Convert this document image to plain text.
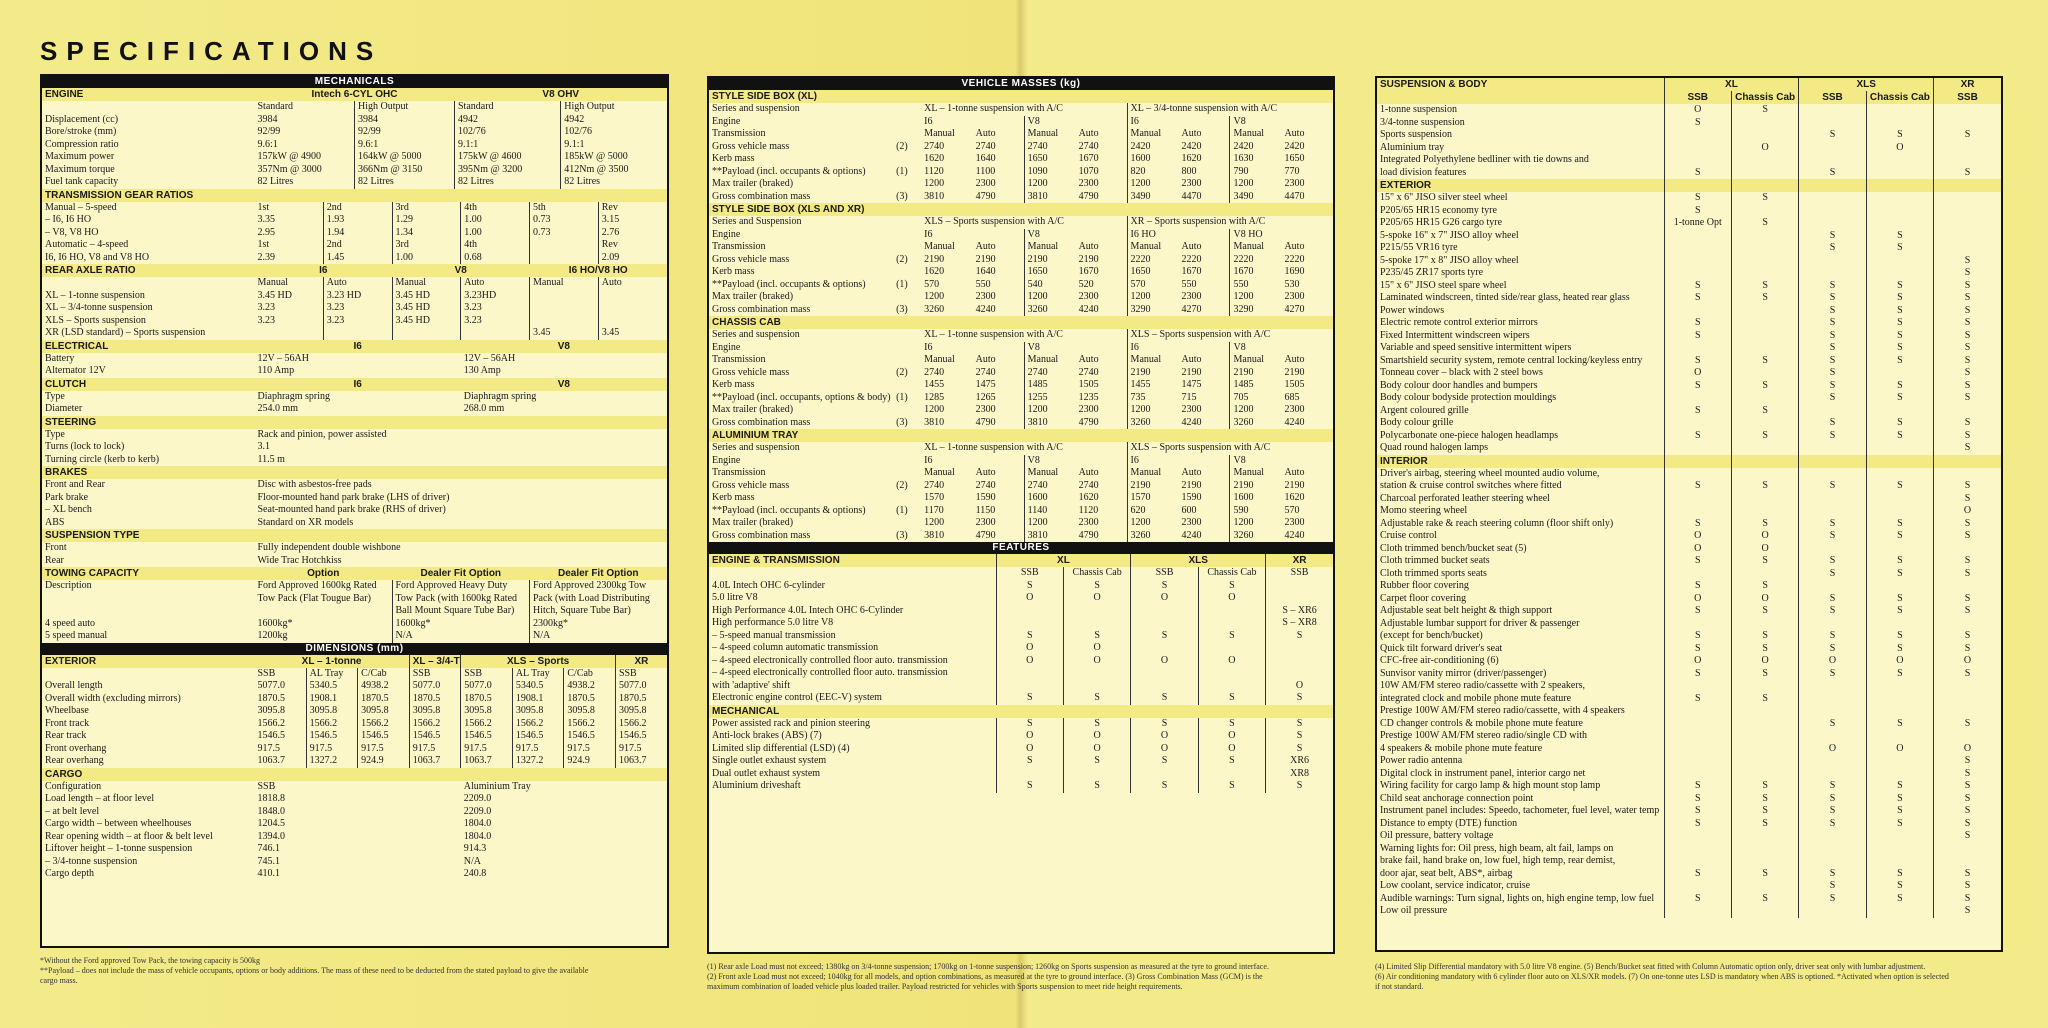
SPECIFICATIONS
MECHANICALS
ENGINE	Intech 6-CYL OHC		V8 OHV	
	Standard	High Output	Standard	High Output
Displacement (cc)	3984	3984	4942	4942
Bore/stroke (mm)	92/99	92/99	102/76	102/76
Compression ratio	9.6:1	9.6:1	9.1:1	9.1:1
Maximum power	157kW @ 4900	164kW @ 5000	175kW @ 4600	185kW @ 5000
Maximum torque	357Nm @ 3000	366Nm @ 3150	395Nm @ 3200	412Nm @ 3500
Fuel tank capacity	82 Litres	82 Litres	82 Litres	82 Litres
TRANSMISSION GEAR RATIOS						
Manual – 5-speed	1st	2nd	3rd	4th	5th	Rev
– I6, I6 HO	3.35	1.93	1.29	1.00	0.73	3.15
– V8, V8 HO	2.95	1.94	1.34	1.00	0.73	2.76
Automatic – 4-speed	1st	2nd	3rd	4th		Rev
I6, I6 HO, V8 and V8 HO	2.39	1.45	1.00	0.68		2.09
REAR AXLE RATIO	I6		V8		I6 HO/V8 HO	
	Manual	Auto	Manual	Auto	Manual	Auto
XL – 1-tonne suspension	3.45 HD	3.23 HD	3.45 HD	3.23HD		
XL – 3/4-tonne suspension	3.23	3.23	3.45 HD	3.23		
XLS – Sports suspension	3.23	3.23	3.45 HD	3.23		
XR (LSD standard) – Sports suspension					3.45	3.45
ELECTRICAL	I6	V8
Battery	12V – 56AH	12V – 56AH
Alternator 12V	110 Amp	130 Amp
CLUTCH	I6	V8
Type	Diaphragm spring	Diaphragm spring
Diameter	254.0 mm	268.0 mm
STEERING	
Type	Rack and pinion, power assisted
Turns (lock to lock)	3.1
Turning circle (kerb to kerb)	11.5 m
BRAKES	
Front and Rear	Disc with asbestos-free pads
Park brake	Floor-mounted hand park brake (LHS of driver)
– XL bench	Seat-mounted hand park brake (RHS of driver)
ABS	Standard on XR models
SUSPENSION TYPE	
Front	Fully independent double wishbone
Rear	Wide Trac Hotchkiss
TOWING CAPACITY	Option	Dealer Fit Option	Dealer Fit Option
Description	Ford Approved 1600kg Rated	Ford Approved Heavy Duty	Ford Approved 2300kg Tow
	Tow Pack (Flat Tougue Bar)	Tow Pack (with 1600kg Rated	Pack (with Load Distributing
		Ball Mount Square Tube Bar)	Hitch, Square Tube Bar)
4 speed auto	1600kg*	1600kg*	2300kg*
5 speed manual	1200kg	N/A	N/A
DIMENSIONS (mm)
EXTERIOR	XL – 1-tonne			XL – 3/4-T	XLS – Sports			XR
	SSB	AL Tray	C/Cab	SSB	SSB	AL Tray	C/Cab	SSB
Overall length	5077.0	5340.5	4938.2	5077.0	5077.0	5340.5	4938.2	5077.0
Overall width (excluding mirrors)	1870.5	1908.1	1870.5	1870.5	1870.5	1908.1	1870.5	1870.5
Wheelbase	3095.8	3095.8	3095.8	3095.8	3095.8	3095.8	3095.8	3095.8
Front track	1566.2	1566.2	1566.2	1566.2	1566.2	1566.2	1566.2	1566.2
Rear track	1546.5	1546.5	1546.5	1546.5	1546.5	1546.5	1546.5	1546.5
Front overhang	917.5	917.5	917.5	917.5	917.5	917.5	917.5	917.5
Rear overhang	1063.7	1327.2	924.9	1063.7	1063.7	1327.2	924.9	1063.7
CARGO		
Configuration	SSB	Aluminium Tray
Load length – at floor level	1818.8	2209.0
– at belt level	1848.0	2209.0
Cargo width – between wheelhouses	1204.5	1804.0
Rear opening width – at floor & belt level	1394.0	1804.0
Liftover height – 1-tonne suspension	746.1	914.3
– 3/4-tonne suspension	745.1	N/A
Cargo depth	410.1	240.8
*Without the Ford approved Tow Pack, the towing capacity is 500kg
**Payload – does not include the mass of vehicle occupants, options or body additions. The mass of these need to be deducted from the stated payload to give the available
cargo mass.
VEHICLE MASSES (kg)
STYLE SIDE BOX (XL)									
Series and suspension		XL – 1-tonne suspension with A/C				XL – 3/4-tonne suspension with A/C			
Engine		I6		V8		I6		V8	
Transmission		Manual	Auto	Manual	Auto	Manual	Auto	Manual	Auto
Gross vehicle mass	(2)	2740	2740	2740	2740	2420	2420	2420	2420
Kerb mass		1620	1640	1650	1670	1600	1620	1630	1650
**Payload (incl. occupants & options)	(1)	1120	1100	1090	1070	820	800	790	770
Max trailer (braked)		1200	2300	1200	2300	1200	2300	1200	2300
Gross combination mass	(3)	3810	4790	3810	4790	3490	4470	3490	4470
STYLE SIDE BOX (XLS AND XR)									
Series and Suspension		XLS – Sports suspension with A/C				XR – Sports suspension with A/C			
Engine		I6		V8		I6 HO		V8 HO	
Transmission		Manual	Auto	Manual	Auto	Manual	Auto	Manual	Auto
Gross vehicle mass	(2)	2190	2190	2190	2190	2220	2220	2220	2220
Kerb mass		1620	1640	1650	1670	1650	1670	1670	1690
**Payload (incl. occupants & options)	(1)	570	550	540	520	570	550	550	530
Max trailer (braked)		1200	2300	1200	2300	1200	2300	1200	2300
Gross combination mass	(3)	3260	4240	3260	4240	3290	4270	3290	4270
CHASSIS CAB									
Series and suspension		XL – 1-tonne suspension with A/C				XLS – Sports suspension with A/C			
Engine		I6		V8		I6		V8	
Transmission		Manual	Auto	Manual	Auto	Manual	Auto	Manual	Auto
Gross vehicle mass	(2)	2740	2740	2740	2740	2190	2190	2190	2190
Kerb mass		1455	1475	1485	1505	1455	1475	1485	1505
**Payload (incl. occupants, options & body)	(1)	1285	1265	1255	1235	735	715	705	685
Max trailer (braked)		1200	2300	1200	2300	1200	2300	1200	2300
Gross combination mass	(3)	3810	4790	3810	4790	3260	4240	3260	4240
ALUMINIUM TRAY									
Series and suspension		XL – 1-tonne suspension with A/C				XLS – Sports suspension with A/C			
Engine		I6		V8		I6		V8	
Transmission		Manual	Auto	Manual	Auto	Manual	Auto	Manual	Auto
Gross vehicle mass	(2)	2740	2740	2740	2740	2190	2190	2190	2190
Kerb mass		1570	1590	1600	1620	1570	1590	1600	1620
**Payload (incl. occupants & options)	(1)	1170	1150	1140	1120	620	600	590	570
Max trailer (braked)		1200	2300	1200	2300	1200	2300	1200	2300
Gross combination mass	(3)	3810	4790	3810	4790	3260	4240	3260	4240
FEATURES
ENGINE & TRANSMISSION	XL		XLS		XR
	SSB	Chassis Cab	SSB	Chassis Cab	SSB
4.0L Intech OHC 6-cylinder	S	S	S	S	
5.0 litre V8	O	O	O	O	
High Performance 4.0L Intech OHC 6-Cylinder					S – XR6
High performance 5.0 litre V8					S – XR8
– 5-speed manual transmission	S	S	S	S	S
– 4-speed column automatic transmission	O	O			
– 4-speed electronically controlled floor auto. transmission	O	O	O	O	
– 4-speed electronically controlled floor auto. transmission					
with 'adaptive' shift					O
Electronic engine control (EEC-V) system	S	S	S	S	S
MECHANICAL					
Power assisted rack and pinion steering	S	S	S	S	S
Anti-lock brakes (ABS) (7)	O	O	O	O	S
Limited slip differential (LSD) (4)	O	O	O	O	S
Single outlet exhaust system	S	S	S	S	XR6
Dual outlet exhaust system					XR8
Aluminium driveshaft	S	S	S	S	S
(1) Rear axle Load must not exceed; 1380kg on 3/4-tonne suspension; 1700kg on 1-tonne suspension; 1260kg on Sports suspension as measured at the tyre to ground interface.
(2) Front axle Load must not exceed; 1040kg for all models, and option combinations, as measured at the tyre to ground interface. (3) Gross Combination Mass (GCM) is the
maximum combination of loaded vehicle plus loaded trailer. Payload restricted for vehicles with Sports suspension to meet ride height requirements.
SUSPENSION & BODY	XL		XLS		XR
	SSB	Chassis Cab	SSB	Chassis Cab	SSB
1-tonne suspension	O	S			
3/4-tonne suspension	S				
Sports suspension			S	S	S
Aluminium tray		O		O	
Integrated Polyethylene bedliner with tie downs and					
load division features	S		S		S
EXTERIOR					
15" x 6" JISO silver steel wheel	S	S			
P205/65 HR15 economy tyre	S				
P205/65 HR15 G26 cargo tyre	1-tonne Opt	S			
5-spoke 16" x 7" JISO alloy wheel			S	S	
P215/55 VR16 tyre			S	S	
5-spoke 17" x 8" JISO alloy wheel					S
P235/45 ZR17 sports tyre					S
15" x 6" JISO steel spare wheel	S	S	S	S	S
Laminated windscreen, tinted side/rear glass, heated rear glass	S	S	S	S	S
Power windows			S	S	S
Electric remote control exterior mirrors	S		S	S	S
Fixed Intermittent windscreen wipers	S		S	S	S
Variable and speed sensitive intermittent wipers			S	S	S
Smartshield security system, remote central locking/keyless entry	S	S	S	S	S
Tonneau cover – black with 2 steel bows	O		S		S
Body colour door handles and bumpers	S	S	S	S	S
Body colour bodyside protection mouldings			S	S	S
Argent coloured grille	S	S			
Body colour grille			S	S	S
Polycarbonate one-piece halogen headlamps	S	S	S	S	S
Quad round halogen lamps					S
INTERIOR					
Driver's airbag, steering wheel mounted audio volume,					
station & cruise control switches where fitted	S	S	S	S	S
Charcoal perforated leather steering wheel					S
Momo steering wheel					O
Adjustable rake & reach steering column (floor shift only)	S	S	S	S	S
Cruise control	O	O	S	S	S
Cloth trimmed bench/bucket seat (5)	O	O			
Cloth trimmed bucket seats	S	S	S	S	S
Cloth trimmed sports seats			S	S	S
Rubber floor covering	S	S			
Carpet floor covering	O	O	S	S	S
Adjustable seat belt height & thigh support	S	S	S	S	S
Adjustable lumbar support for driver & passenger					
(except for bench/bucket)	S	S	S	S	S
Quick tilt forward driver's seat	S	S	S	S	S
CFC-free air-conditioning (6)	O	O	O	O	O
Sunvisor vanity mirror (driver/passenger)	S	S	S	S	S
10W AM/FM stereo radio/cassette with 2 speakers,					
integrated clock and mobile phone mute feature	S	S			
Prestige 100W AM/FM stereo radio/cassette, with 4 speakers					
CD changer controls & mobile phone mute feature			S	S	S
Prestige 100W AM/FM stereo radio/single CD with					
4 speakers & mobile phone mute feature			O	O	O
Power radio antenna					S
Digital clock in instrument panel, interior cargo net					S
Wiring facility for cargo lamp & high mount stop lamp	S	S	S	S	S
Child seat anchorage connection point	S	S	S	S	S
Instrument panel includes: Speedo, tachometer, fuel level, water temp	S	S	S	S	S
Distance to empty (DTE) function	S	S	S	S	S
Oil pressure, battery voltage					S
Warning lights for: Oil press, high beam, alt fail, lamps on					
brake fail, hand brake on, low fuel, high temp, rear demist,					
door ajar, seat belt, ABS*, airbag	S	S	S	S	S
Low coolant, service indicator, cruise			S	S	S
Audible warnings: Turn signal, lights on, high engine temp, low fuel	S	S	S	S	S
Low oil pressure					S
(4) Limited Slip Differential mandatory with 5.0 litre V8 engine. (5) Bench/Bucket seat fitted with Column Automatic option only, driver seat only with lumbar adjustment.
(6) Air conditioning mandatory with 6 cylinder floor auto on XLS/XR models. (7) On one-tonne utes LSD is mandatory when ABS is optioned. *Activated when option is selected
if not standard.
